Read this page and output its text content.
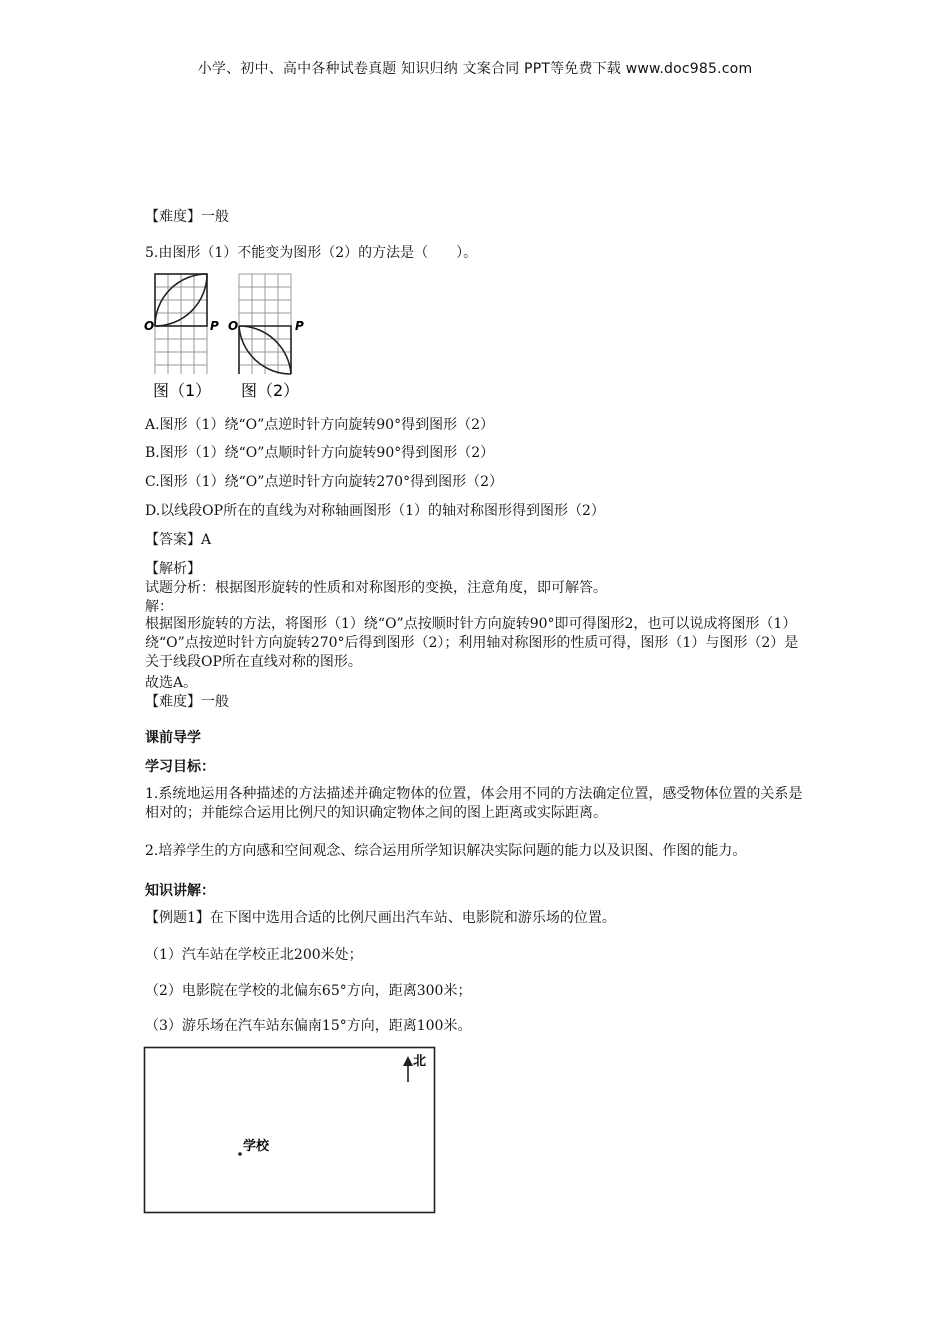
小学、初中、高中各种试卷真题 知识归纳 文案合同 PPT等免费下载 www.doc985.com
【难度】一般
5.由图形（1）不能变为图形（2）的方法是（　　）。
O	P O	P
图（1） 图（2）
A.图形（1）绕“O”点逆时针方向旋转90°得到图形（2）
B.图形（1）绕“O”点顺时针方向旋转90°得到图形（2）
C.图形（1）绕“O”点逆时针方向旋转270°得到图形（2）
D.以线段OP所在的直线为对称轴画图形（1）的轴对称图形得到图形（2）
【答案】A
【解析】
试题分析：根据图形旋转的性质和对称图形的变换，注意角度，即可解答。
解：
根据图形旋转的方法，将图形（1）绕“O”点按顺时针方向旋转90°即可得图形2，也可以说成将图形（1）绕“O”点按逆时针方向旋转270°后得到图形（2）；利用轴对称图形的性质可得，图形（1）与图形（2）是关于线段OP所在直线对称的图形。
故选A。
【难度】一般
课前导学
学习目标：
1.系统地运用各种描述的方法描述并确定物体的位置，体会用不同的方法确定位置，感受物体位置的关系是相对的；并能综合运用比例尺的知识确定物体之间的图上距离或实际距离。
2.培养学生的方向感和空间观念、综合运用所学知识解决实际问题的能力以及识图、作图的能力。
知识讲解：
【例题1】在下图中选用合适的比例尺画出汽车站、电影院和游乐场的位置。
（1）汽车站在学校正北200米处；
（2）电影院在学校的北偏东65°方向，距离300米；
（3）游乐场在汽车站东偏南15°方向，距离100米。
北
学校
